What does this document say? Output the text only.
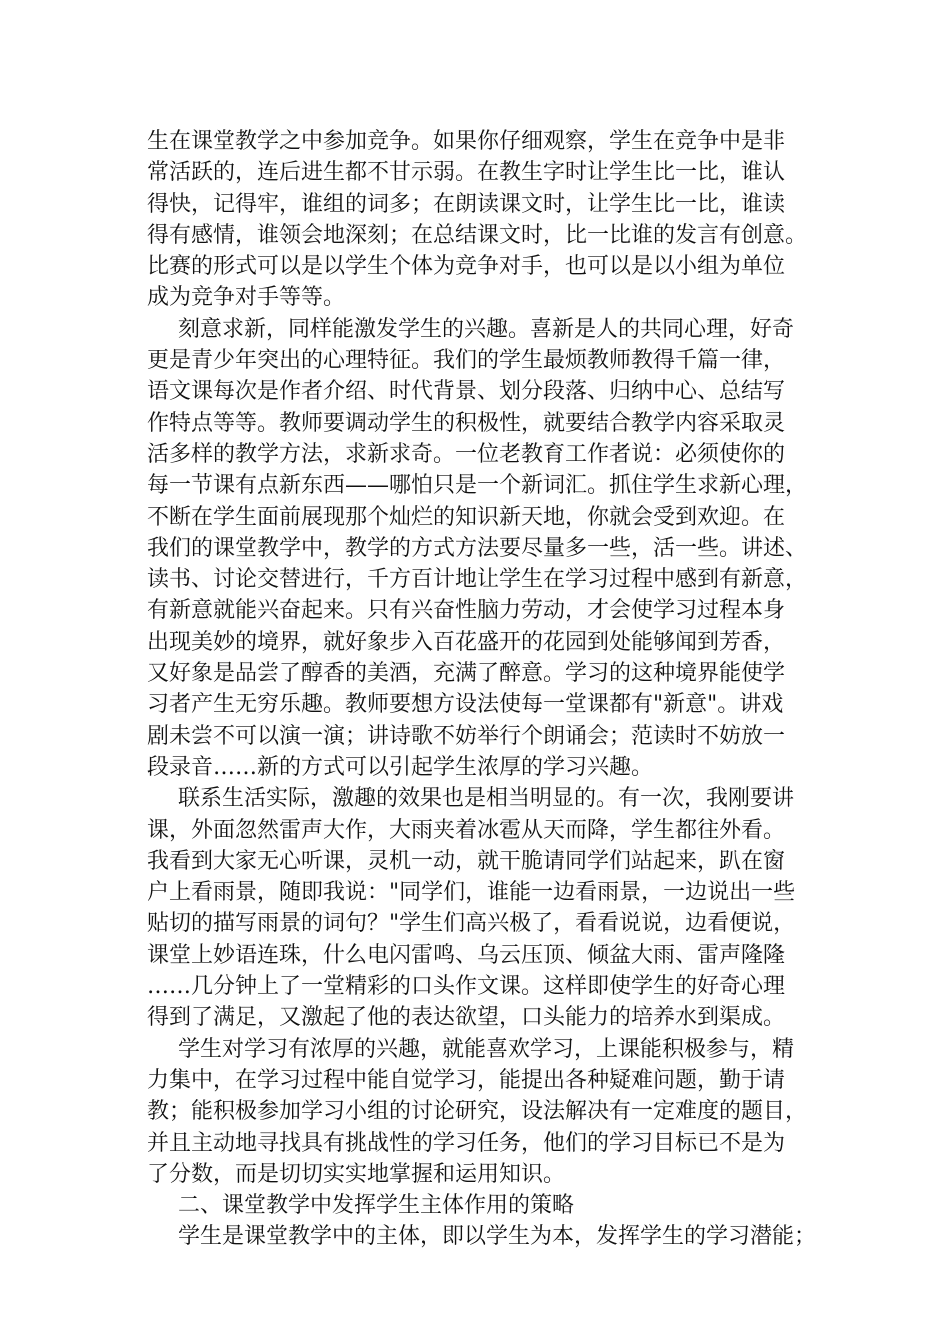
生在课堂教学之中参加竞争。如果你仔细观察，学生在竞争中是非
常活跃的，连后进生都不甘示弱。在教生字时让学生比一比，谁认
得快，记得牢，谁组的词多；在朗读课文时，让学生比一比，谁读
得有感情，谁领会地深刻；在总结课文时，比一比谁的发言有创意。
比赛的形式可以是以学生个体为竞争对手，也可以是以小组为单位
成为竞争对手等等。

刻意求新，同样能激发学生的兴趣。喜新是人的共同心理，好奇
更是青少年突出的心理特征。我们的学生最烦教师教得千篇一律，
语文课每次是作者介绍、时代背景、划分段落、归纳中心、总结写
作特点等等。教师要调动学生的积极性，就要结合教学内容采取灵
活多样的教学方法，求新求奇。一位老教育工作者说：必须使你的
每一节课有点新东西——哪怕只是一个新词汇。抓住学生求新心理，
不断在学生面前展现那个灿烂的知识新天地，你就会受到欢迎。在
我们的课堂教学中，教学的方式方法要尽量多一些，活一些。讲述、
读书、讨论交替进行，千方百计地让学生在学习过程中感到有新意，
有新意就能兴奋起来。只有兴奋性脑力劳动，才会使学习过程本身
出现美妙的境界，就好象步入百花盛开的花园到处能够闻到芳香，
又好象是品尝了醇香的美酒，充满了醉意。学习的这种境界能使学
习者产生无穷乐趣。教师要想方设法使每一堂课都有"新意"。讲戏
剧未尝不可以演一演；讲诗歌不妨举行个朗诵会；范读时不妨放一
段录音……新的方式可以引起学生浓厚的学习兴趣。

联系生活实际，激趣的效果也是相当明显的。有一次，我刚要讲
课，外面忽然雷声大作，大雨夹着冰雹从天而降，学生都往外看。
我看到大家无心听课，灵机一动，就干脆请同学们站起来，趴在窗
户上看雨景，随即我说："同学们，谁能一边看雨景，一边说出一些
贴切的描写雨景的词句？"学生们高兴极了，看看说说，边看便说，
课堂上妙语连珠，什么电闪雷鸣、乌云压顶、倾盆大雨、雷声隆隆
……几分钟上了一堂精彩的口头作文课。这样即使学生的好奇心理
得到了满足，又激起了他的表达欲望，口头能力的培养水到渠成。

学生对学习有浓厚的兴趣，就能喜欢学习，上课能积极参与，精
力集中，在学习过程中能自觉学习，能提出各种疑难问题，勤于请
教；能积极参加学习小组的讨论研究，设法解决有一定难度的题目，
并且主动地寻找具有挑战性的学习任务，他们的学习目标已不是为
了分数，而是切切实实地掌握和运用知识。

二、课堂教学中发挥学生主体作用的策略

学生是课堂教学中的主体，即以学生为本，发挥学生的学习潜能；
